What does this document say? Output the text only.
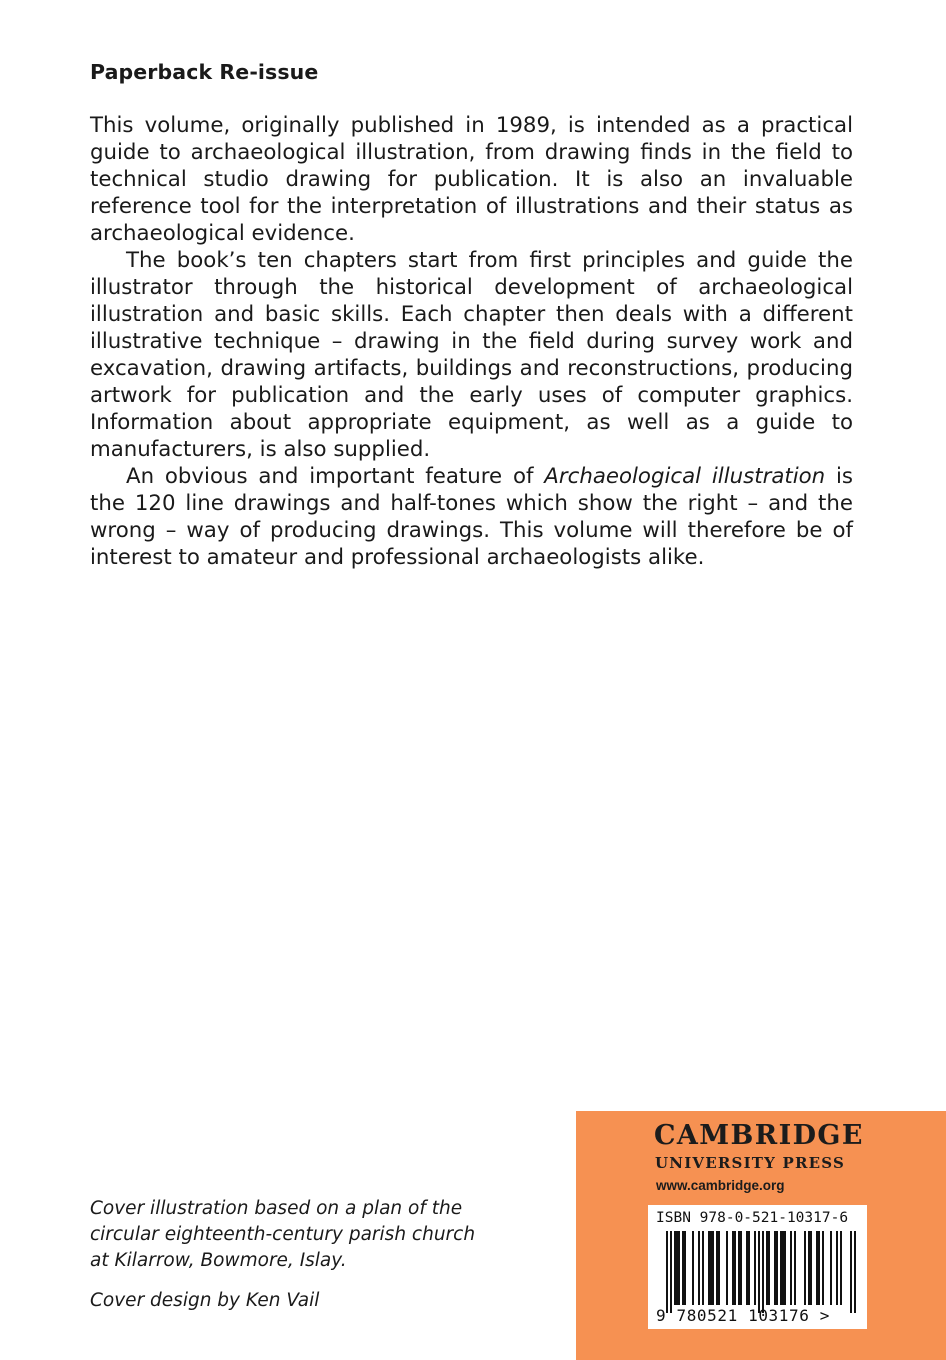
Paperback Re-issue

This volume, originally published in 1989, is intended as a practical guide to archaeological illustration, from drawing finds in the field to technical studio drawing for publication. It is also an invaluable reference tool for the interpretation of illustrations and their status as archaeological evidence.

The book’s ten chapters start from first principles and guide the illustrator through the historical development of archaeological illustration and basic skills. Each chapter then deals with a different illustrative technique – drawing in the field during survey work and excavation, drawing artifacts, buildings and reconstructions, producing artwork for publication and the early uses of computer graphics. Information about appropriate equipment, as well as a guide to manufacturers, is also supplied.

An obvious and important feature of Archaeological illustration is the 120 line drawings and half-tones which show the right – and the wrong – way of producing drawings. This volume will therefore be of interest to amateur and professional archaeologists alike.

Cover illustration based on a plan of the
circular eighteenth-century parish church
at Kilarrow, Bowmore, Islay.

Cover design by Ken Vail

CAMBRIDGE
UNIVERSITY PRESS
www.cambridge.org
ISBN 978-0-521-10317-6
9 780521 103176 >
